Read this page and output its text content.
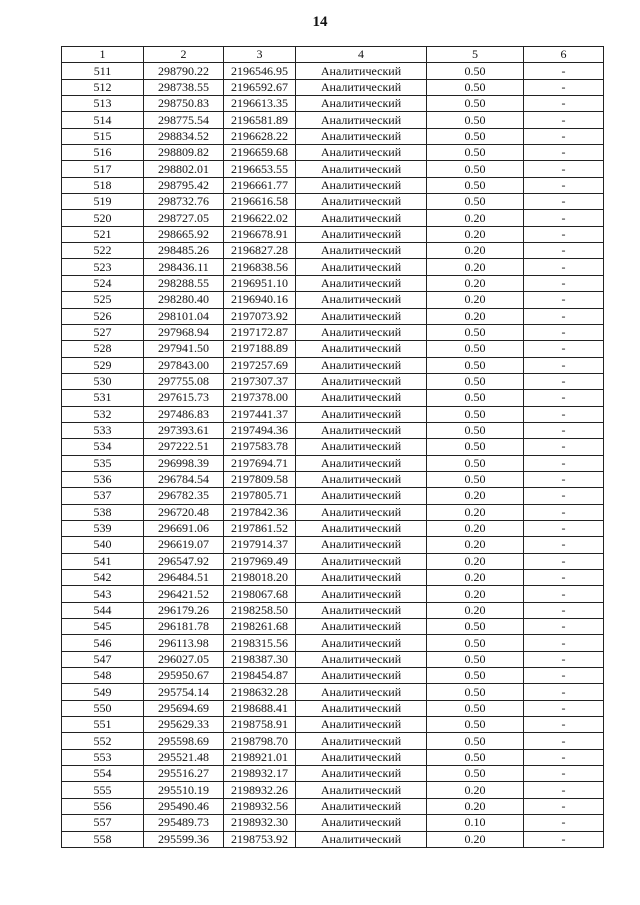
14
1	2	3	4	5	6
511	298790.22	2196546.95	Аналитический	0.50	-
512	298738.55	2196592.67	Аналитический	0.50	-
513	298750.83	2196613.35	Аналитический	0.50	-
514	298775.54	2196581.89	Аналитический	0.50	-
515	298834.52	2196628.22	Аналитический	0.50	-
516	298809.82	2196659.68	Аналитический	0.50	-
517	298802.01	2196653.55	Аналитический	0.50	-
518	298795.42	2196661.77	Аналитический	0.50	-
519	298732.76	2196616.58	Аналитический	0.50	-
520	298727.05	2196622.02	Аналитический	0.20	-
521	298665.92	2196678.91	Аналитический	0.20	-
522	298485.26	2196827.28	Аналитический	0.20	-
523	298436.11	2196838.56	Аналитический	0.20	-
524	298288.55	2196951.10	Аналитический	0.20	-
525	298280.40	2196940.16	Аналитический	0.20	-
526	298101.04	2197073.92	Аналитический	0.20	-
527	297968.94	2197172.87	Аналитический	0.50	-
528	297941.50	2197188.89	Аналитический	0.50	-
529	297843.00	2197257.69	Аналитический	0.50	-
530	297755.08	2197307.37	Аналитический	0.50	-
531	297615.73	2197378.00	Аналитический	0.50	-
532	297486.83	2197441.37	Аналитический	0.50	-
533	297393.61	2197494.36	Аналитический	0.50	-
534	297222.51	2197583.78	Аналитический	0.50	-
535	296998.39	2197694.71	Аналитический	0.50	-
536	296784.54	2197809.58	Аналитический	0.50	-
537	296782.35	2197805.71	Аналитический	0.20	-
538	296720.48	2197842.36	Аналитический	0.20	-
539	296691.06	2197861.52	Аналитический	0.20	-
540	296619.07	2197914.37	Аналитический	0.20	-
541	296547.92	2197969.49	Аналитический	0.20	-
542	296484.51	2198018.20	Аналитический	0.20	-
543	296421.52	2198067.68	Аналитический	0.20	-
544	296179.26	2198258.50	Аналитический	0.20	-
545	296181.78	2198261.68	Аналитический	0.50	-
546	296113.98	2198315.56	Аналитический	0.50	-
547	296027.05	2198387.30	Аналитический	0.50	-
548	295950.67	2198454.87	Аналитический	0.50	-
549	295754.14	2198632.28	Аналитический	0.50	-
550	295694.69	2198688.41	Аналитический	0.50	-
551	295629.33	2198758.91	Аналитический	0.50	-
552	295598.69	2198798.70	Аналитический	0.50	-
553	295521.48	2198921.01	Аналитический	0.50	-
554	295516.27	2198932.17	Аналитический	0.50	-
555	295510.19	2198932.26	Аналитический	0.20	-
556	295490.46	2198932.56	Аналитический	0.20	-
557	295489.73	2198932.30	Аналитический	0.10	-
558	295599.36	2198753.92	Аналитический	0.20	-
